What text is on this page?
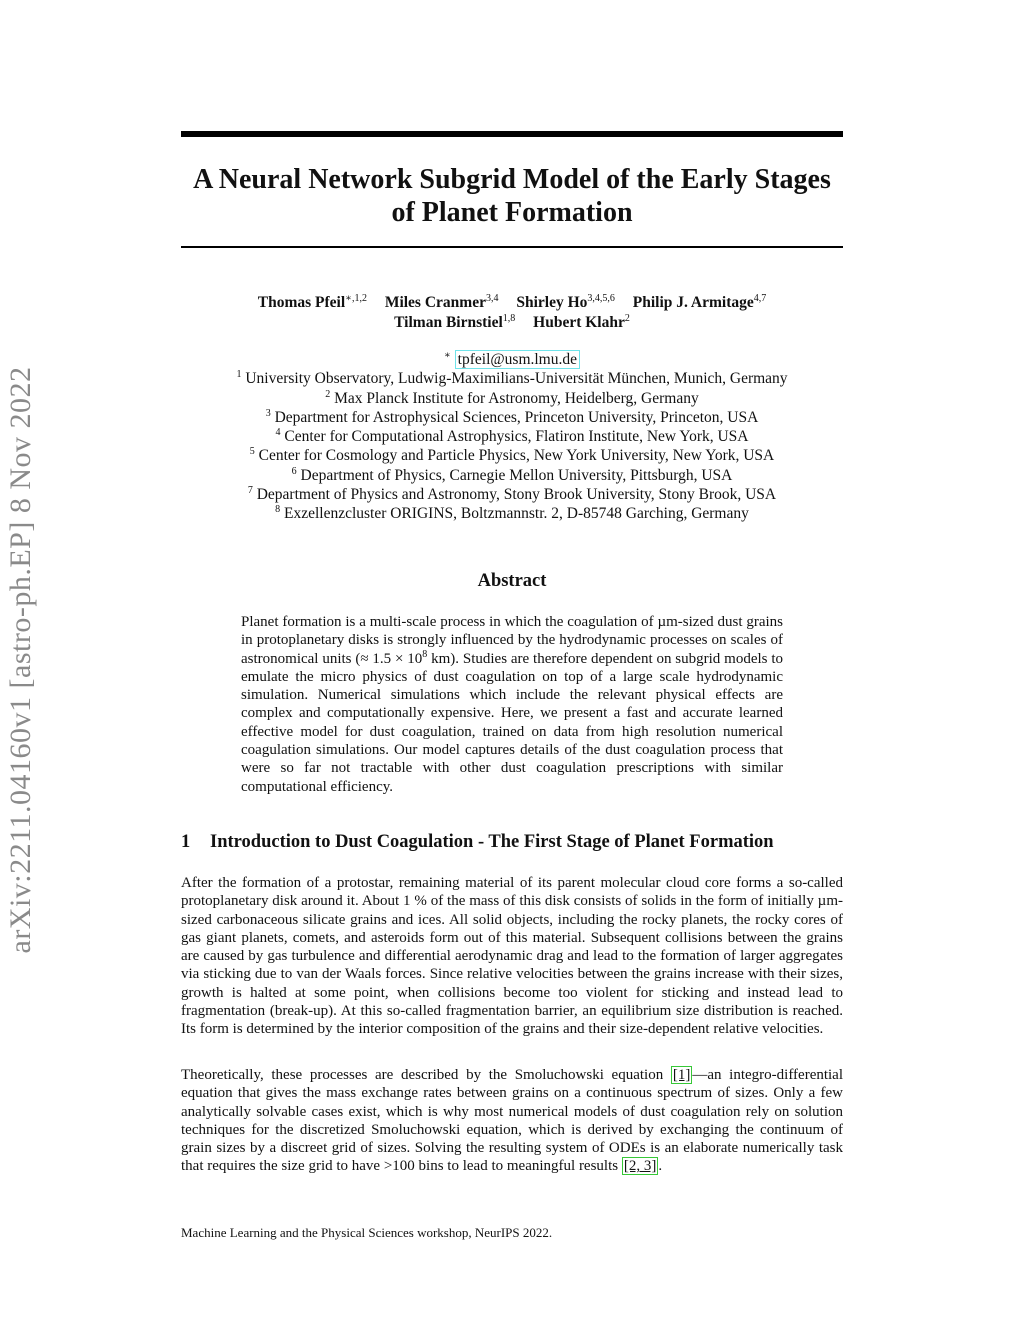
arXiv:2211.04160v1 [astro-ph.EP] 8 Nov 2022
A Neural Network Subgrid Model of the Early Stages
of Planet Formation
Thomas Pfeil$^{∗,1,2}$ Miles Cranmer$^{3,4}$ Shirley Ho$^{3,4,5,6}$ Philip J. Armitage$^{4,7}$
Tilman Birnstiel$^{1,8}$ Hubert Klahr$^2$
∗ tpfeil@usm.lmu.de
$^1$ University Observatory, Ludwig-Maximilians-Universität München, Munich, Germany
$^2$ Max Planck Institute for Astronomy, Heidelberg, Germany
$^3$ Department for Astrophysical Sciences, Princeton University, Princeton, USA
$^4$ Center for Computational Astrophysics, Flatiron Institute, New York, USA
$^5$ Center for Cosmology and Particle Physics, New York University, New York, USA
$^6$ Department of Physics, Carnegie Mellon University, Pittsburgh, USA
$^7$ Department of Physics and Astronomy, Stony Brook University, Stony Brook, USA
$^8$ Exzellenzcluster ORIGINS, Boltzmannstr. 2, D-85748 Garching, Germany
Abstract

Planet formation is a multi-scale process in which the coagulation of µm-sized dust grains in protoplanetary disks is strongly influenced by the hydrodynamic processes on scales of astronomical units (≈ $1.5 \times 10^8$ km). Studies are therefore dependent on subgrid models to emulate the micro physics of dust coagulation on top of a large scale hydrodynamic simulation. Numerical simulations which include the relevant physical effects are complex and computationally expensive. Here, we present a fast and accurate learned effective model for dust coagulation, trained on data from high resolution numerical coagulation simulations. Our model captures details of the dust coagulation process that were so far not tractable with other dust coagulation prescriptions with similar computational efficiency.

1 Introduction to Dust Coagulation - The First Stage of Planet Formation

After the formation of a protostar, remaining material of its parent molecular cloud core forms a so-called protoplanetary disk around it. About 1 % of the mass of this disk consists of solids in the form of initially µm-sized carbonaceous silicate grains and ices. All solid objects, including the rocky planets, the rocky cores of gas giant planets, comets, and asteroids form out of this material. Subsequent collisions between the grains are caused by gas turbulence and differential aerodynamic drag and lead to the formation of larger aggregates via sticking due to van der Waals forces. Since relative velocities between the grains increase with their sizes, growth is halted at some point, when collisions become too violent for sticking and instead lead to fragmentation (break-up). At this so-called fragmentation barrier, an equilibrium size distribution is reached. Its form is determined by the interior composition of the grains and their size-dependent relative velocities.

Theoretically, these processes are described by the Smoluchowski equation [1] —an integro-differential equation that gives the mass exchange rates between grains on a continuous spectrum of sizes. Only a few analytically solvable cases exist, which is why most numerical models of dust coagulation rely on solution techniques for the discretized Smoluchowski equation, which is derived by exchanging the continuum of grain sizes by a discreet grid of sizes. Solving the resulting system of ODEs is an elaborate numerically task that requires the size grid to have >100 bins to lead to meaningful results [2, 3] .

Machine Learning and the Physical Sciences workshop, NeurIPS 2022.
